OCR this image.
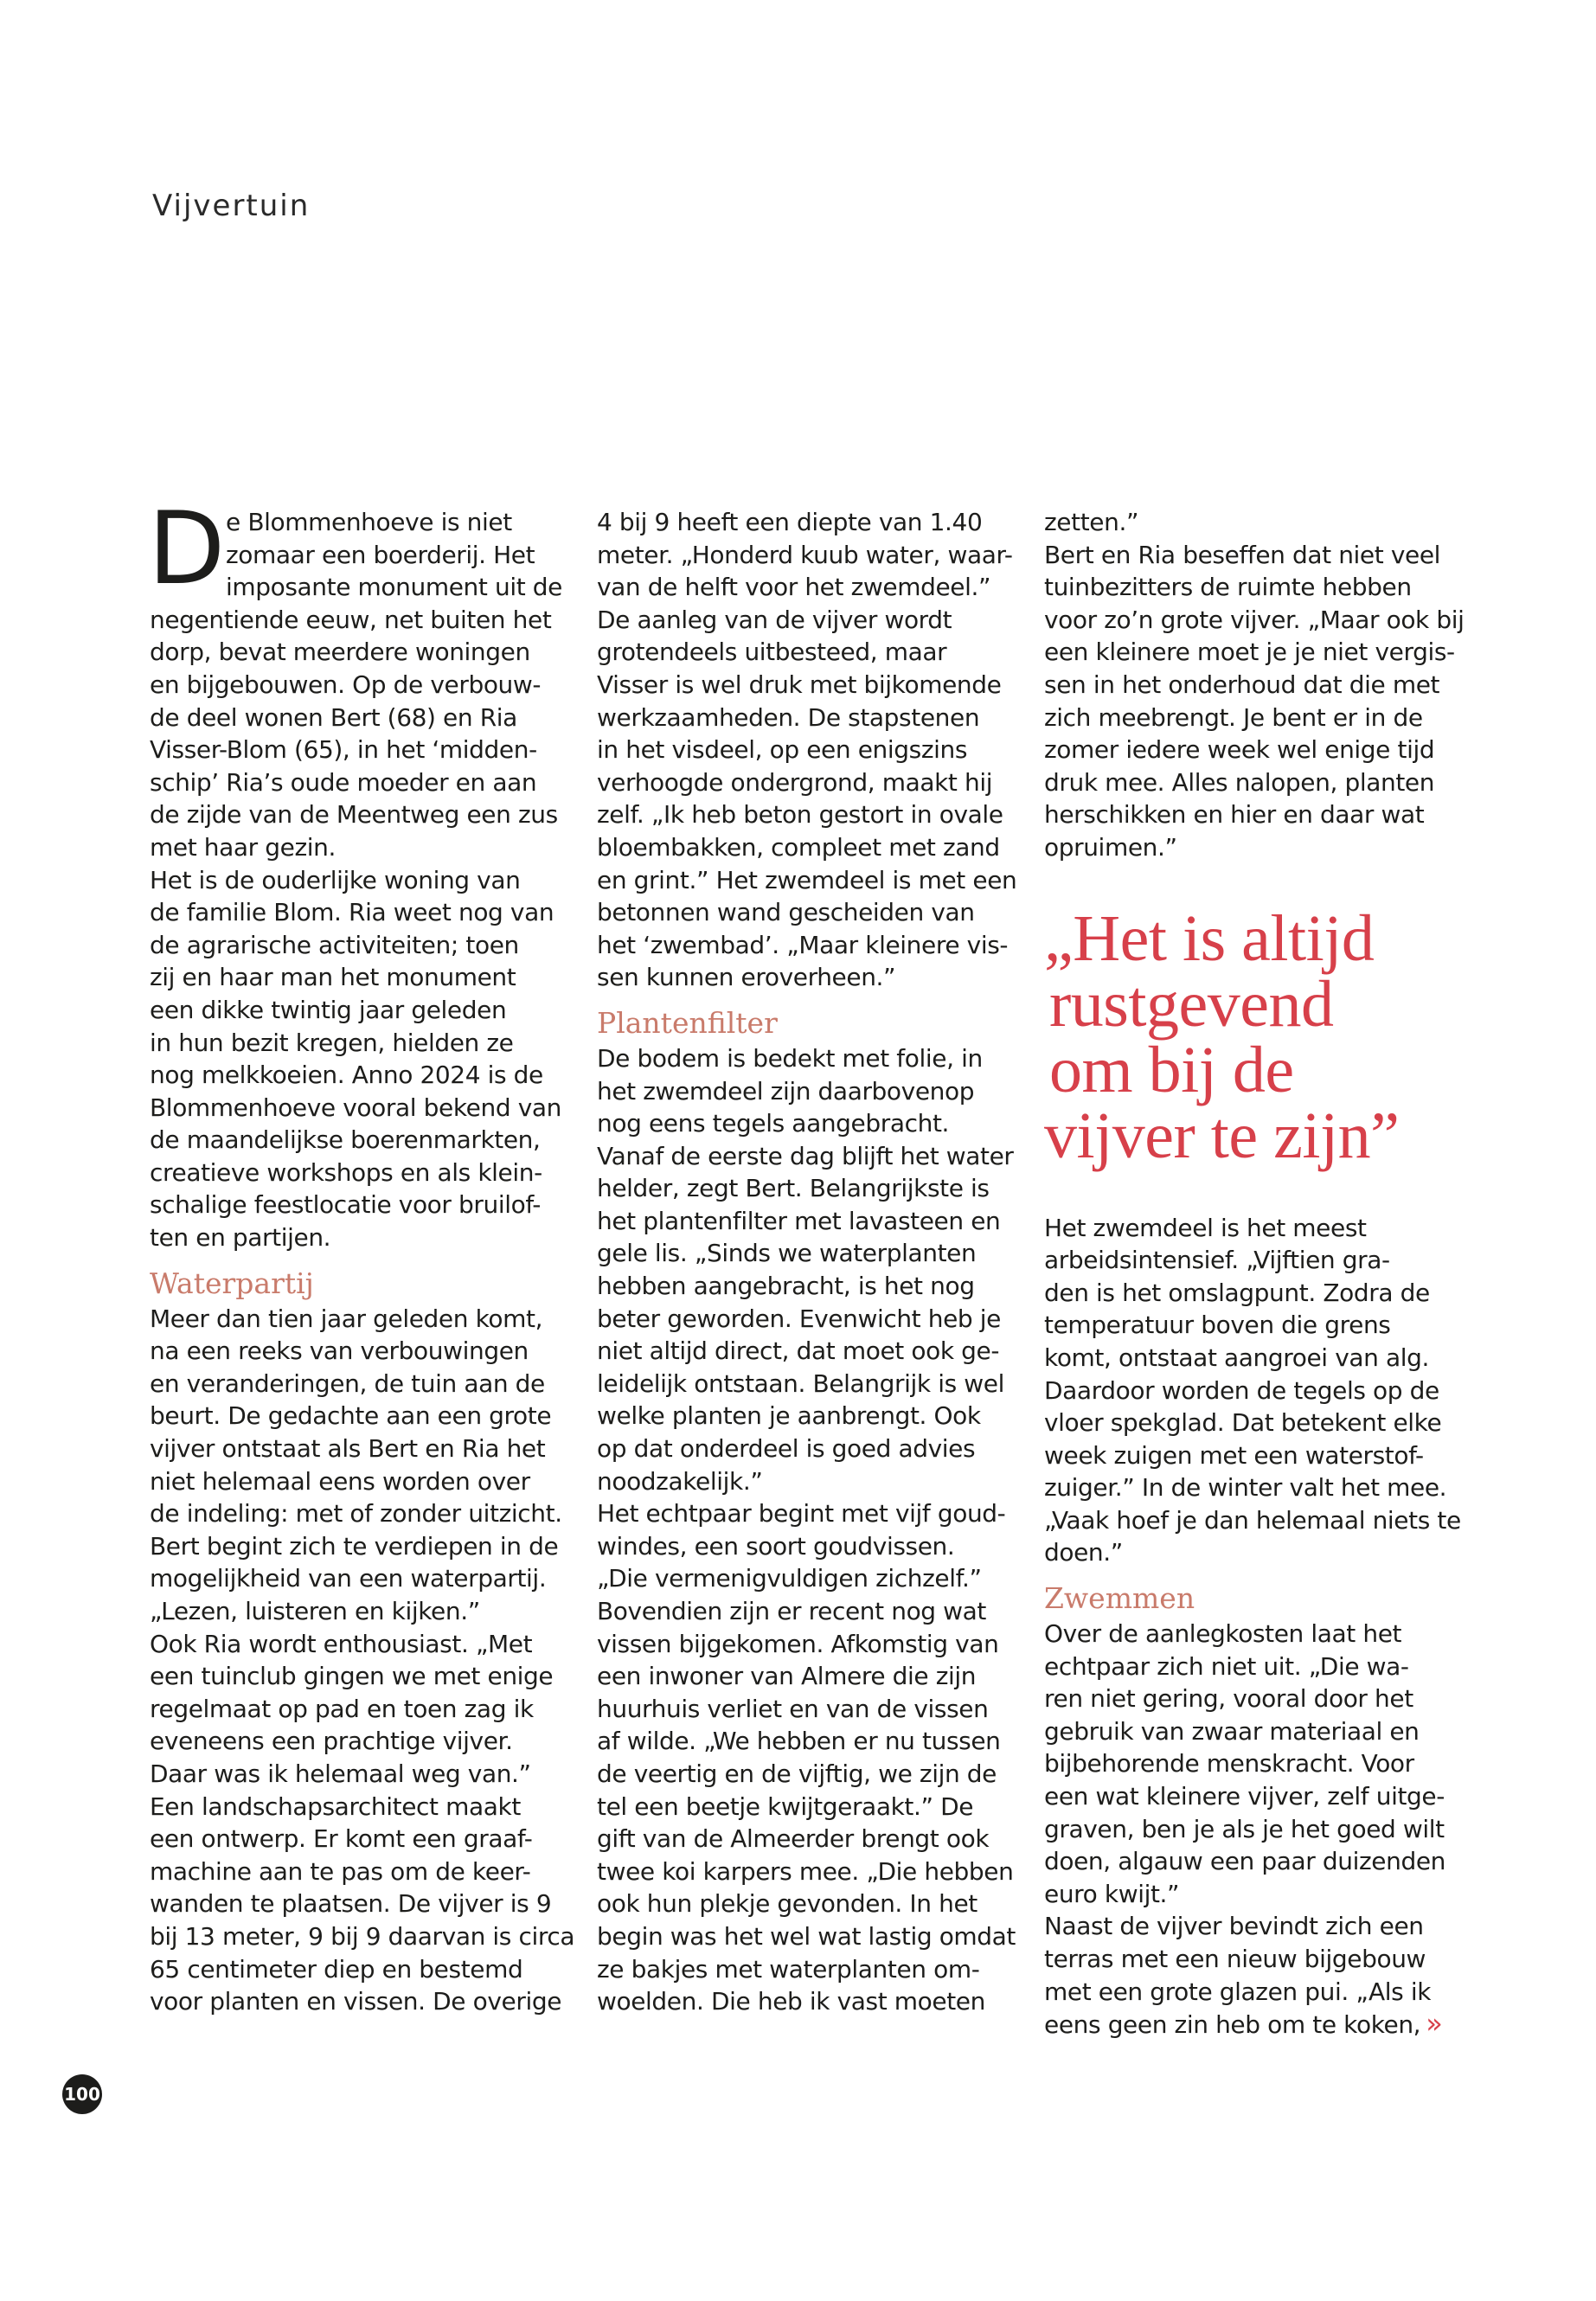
Vijvertuin
D e Blommenhoeve is niet
zomaar een boerderij. Het
imposante monument uit de
negentiende eeuw, net buiten het
dorp, bevat meerdere woningen
en bijgebouwen. Op de verbouw-
de deel wonen Bert (68) en Ria
Visser-Blom (65), in het ‘midden-
schip’ Ria’s oude moeder en aan
de zijde van de Meentweg een zus
met haar gezin.
Het is de ouderlijke woning van
de familie Blom. Ria weet nog van
de agrarische activiteiten; toen
zij en haar man het monument
een dikke twintig jaar geleden
in hun bezit kregen, hielden ze
nog melkkoeien. Anno 2024 is de
Blommenhoeve vooral bekend van
de maandelijkse boerenmarkten,
creatieve workshops en als klein-
schalige feestlocatie voor bruilof-
ten en partijen.
Waterpartij
Meer dan tien jaar geleden komt,
na een reeks van verbouwingen
en veranderingen, de tuin aan de
beurt. De gedachte aan een grote
vijver ontstaat als Bert en Ria het
niet helemaal eens worden over
de indeling: met of zonder uitzicht.
Bert begint zich te verdiepen in de
mogelijkheid van een waterpartij.
„Lezen, luisteren en kijken.”
Ook Ria wordt enthousiast. „Met
een tuinclub gingen we met enige
regelmaat op pad en toen zag ik
eveneens een prachtige vijver.
Daar was ik helemaal weg van.”
Een landschapsarchitect maakt
een ontwerp. Er komt een graaf-
machine aan te pas om de keer-
wanden te plaatsen. De vijver is 9
bij 13 meter, 9 bij 9 daarvan is circa
65 centimeter diep en bestemd
voor planten en vissen. De overige
4 bij 9 heeft een diepte van 1.40
meter. „Honderd kuub water, waar-
van de helft voor het zwemdeel.”
De aanleg van de vijver wordt
grotendeels uitbesteed, maar
Visser is wel druk met bijkomende
werkzaamheden. De stapstenen
in het visdeel, op een enigszins
verhoogde ondergrond, maakt hij
zelf. „Ik heb beton gestort in ovale
bloembakken, compleet met zand
en grint.” Het zwemdeel is met een
betonnen wand gescheiden van
het ‘zwembad’. „Maar kleinere vis-
sen kunnen eroverheen.”
Plantenfilter
De bodem is bedekt met folie, in
het zwemdeel zijn daarbovenop
nog eens tegels aangebracht.
Vanaf de eerste dag blijft het water
helder, zegt Bert. Belangrijkste is
het plantenfilter met lavasteen en
gele lis. „Sinds we waterplanten
hebben aangebracht, is het nog
beter geworden. Evenwicht heb je
niet altijd direct, dat moet ook ge-
leidelijk ontstaan. Belangrijk is wel
welke planten je aanbrengt. Ook
op dat onderdeel is goed advies
noodzakelijk.”
Het echtpaar begint met vijf goud-
windes, een soort goudvissen.
„Die vermenigvuldigen zichzelf.”
Bovendien zijn er recent nog wat
vissen bijgekomen. Afkomstig van
een inwoner van Almere die zijn
huurhuis verliet en van de vissen
af wilde. „We hebben er nu tussen
de veertig en de vijftig, we zijn de
tel een beetje kwijtgeraakt.” De
gift van de Almeerder brengt ook
twee koi karpers mee. „Die hebben
ook hun plekje gevonden. In het
begin was het wel wat lastig omdat
ze bakjes met waterplanten om-
woelden. Die heb ik vast moeten
zetten.”
Bert en Ria beseffen dat niet veel
tuinbezitters de ruimte hebben
voor zo’n grote vijver. „Maar ook bij
een kleinere moet je je niet vergis-
sen in het onderhoud dat die met
zich meebrengt. Je bent er in de
zomer iedere week wel enige tijd
druk mee. Alles nalopen, planten
herschikken en hier en daar wat
opruimen.”
„Het is altijd
rustgevend
om bij de
vijver te zijn”
Het zwemdeel is het meest
arbeidsintensief. „Vijftien gra-
den is het omslagpunt. Zodra de
temperatuur boven die grens
komt, ontstaat aangroei van alg.
Daardoor worden de tegels op de
vloer spekglad. Dat betekent elke
week zuigen met een waterstof-
zuiger.” In de winter valt het mee.
„Vaak hoef je dan helemaal niets te
doen.”
Zwemmen
Over de aanlegkosten laat het
echtpaar zich niet uit. „Die wa-
ren niet gering, vooral door het
gebruik van zwaar materiaal en
bijbehorende menskracht. Voor
een wat kleinere vijver, zelf uitge-
graven, ben je als je het goed wilt
doen, algauw een paar duizenden
euro kwijt.”
Naast de vijver bevindt zich een
terras met een nieuw bijgebouw
met een grote glazen pui. „Als ik
eens geen zin heb om te koken, »
100
